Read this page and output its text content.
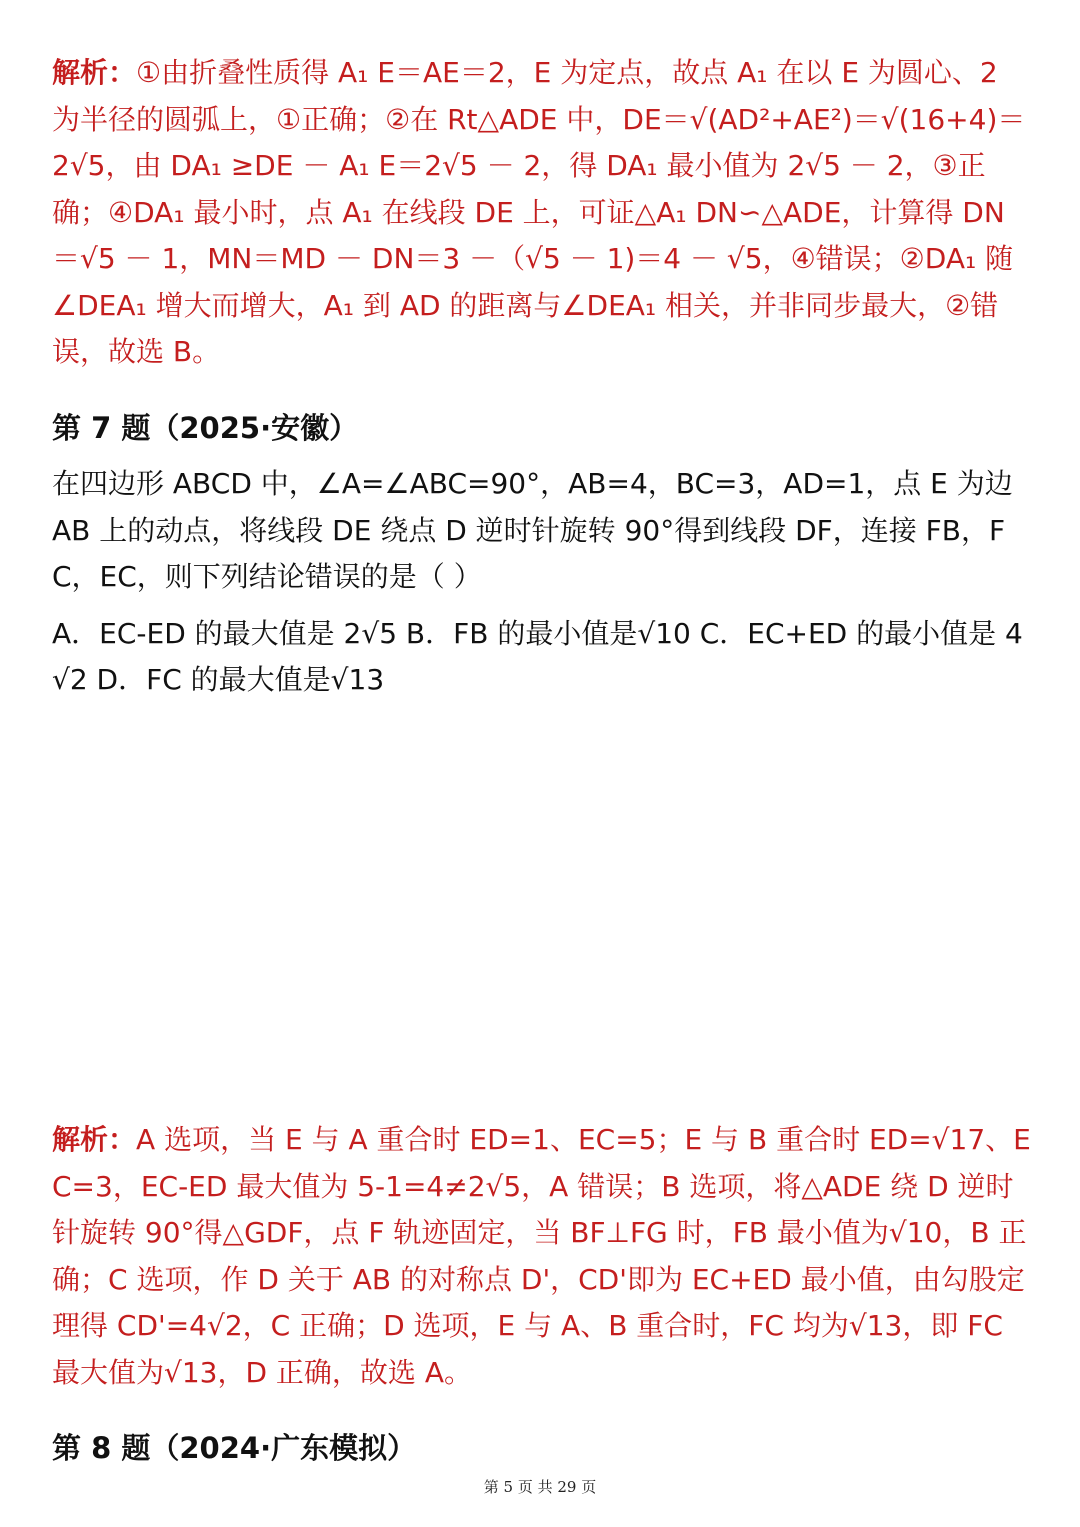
解析：①由折叠性质得 A₁ E＝AE＝2，E 为定点，故点 A₁ 在以 E 为圆心、2 为半径的圆弧上，①正确；②在 Rt△ADE 中，DE＝√(AD²+AE²)＝√(16+4)＝2√5，由 DA₁ ≥DE － A₁ E＝2√5 － 2，得 DA₁ 最小值为 2√5 － 2，③正确；④DA₁ 最小时，点 A₁ 在线段 DE 上，可证△A₁ DN∽△ADE，计算得 DN＝√5 － 1，MN＝MD － DN＝3 －（√5 － 1)＝4 － √5，④错误；②DA₁ 随∠DEA₁ 增大而增大，A₁ 到 AD 的距离与∠DEA₁ 相关，并非同步最大，②错误，故选 B。

第 7 题（2025·安徽）

在四边形 ABCD 中，∠A=∠ABC=90°，AB=4，BC=3，AD=1，点 E 为边 AB 上的动点，将线段 DE 绕点 D 逆时针旋转 90°得到线段 DF，连接 FB，FC，EC，则下列结论错误的是（ ）

A．EC-ED 的最大值是 2√5 B．FB 的最小值是√10 C．EC+ED 的最小值是 4√2 D．FC 的最大值是√13

解析：A 选项，当 E 与 A 重合时 ED=1、EC=5；E 与 B 重合时 ED=√17、EC=3，EC-ED 最大值为 5-1=4≠2√5，A 错误；B 选项，将△ADE 绕 D 逆时针旋转 90°得△GDF，点 F 轨迹固定，当 BF⊥FG 时，FB 最小值为√10，B 正确；C 选项，作 D 关于 AB 的对称点 D'，CD'即为 EC+ED 最小值，由勾股定理得 CD'=4√2，C 正确；D 选项，E 与 A、B 重合时，FC 均为√13，即 FC 最大值为√13，D 正确，故选 A。

第 8 题（2024·广东模拟）

第 5 页 共 29 页
